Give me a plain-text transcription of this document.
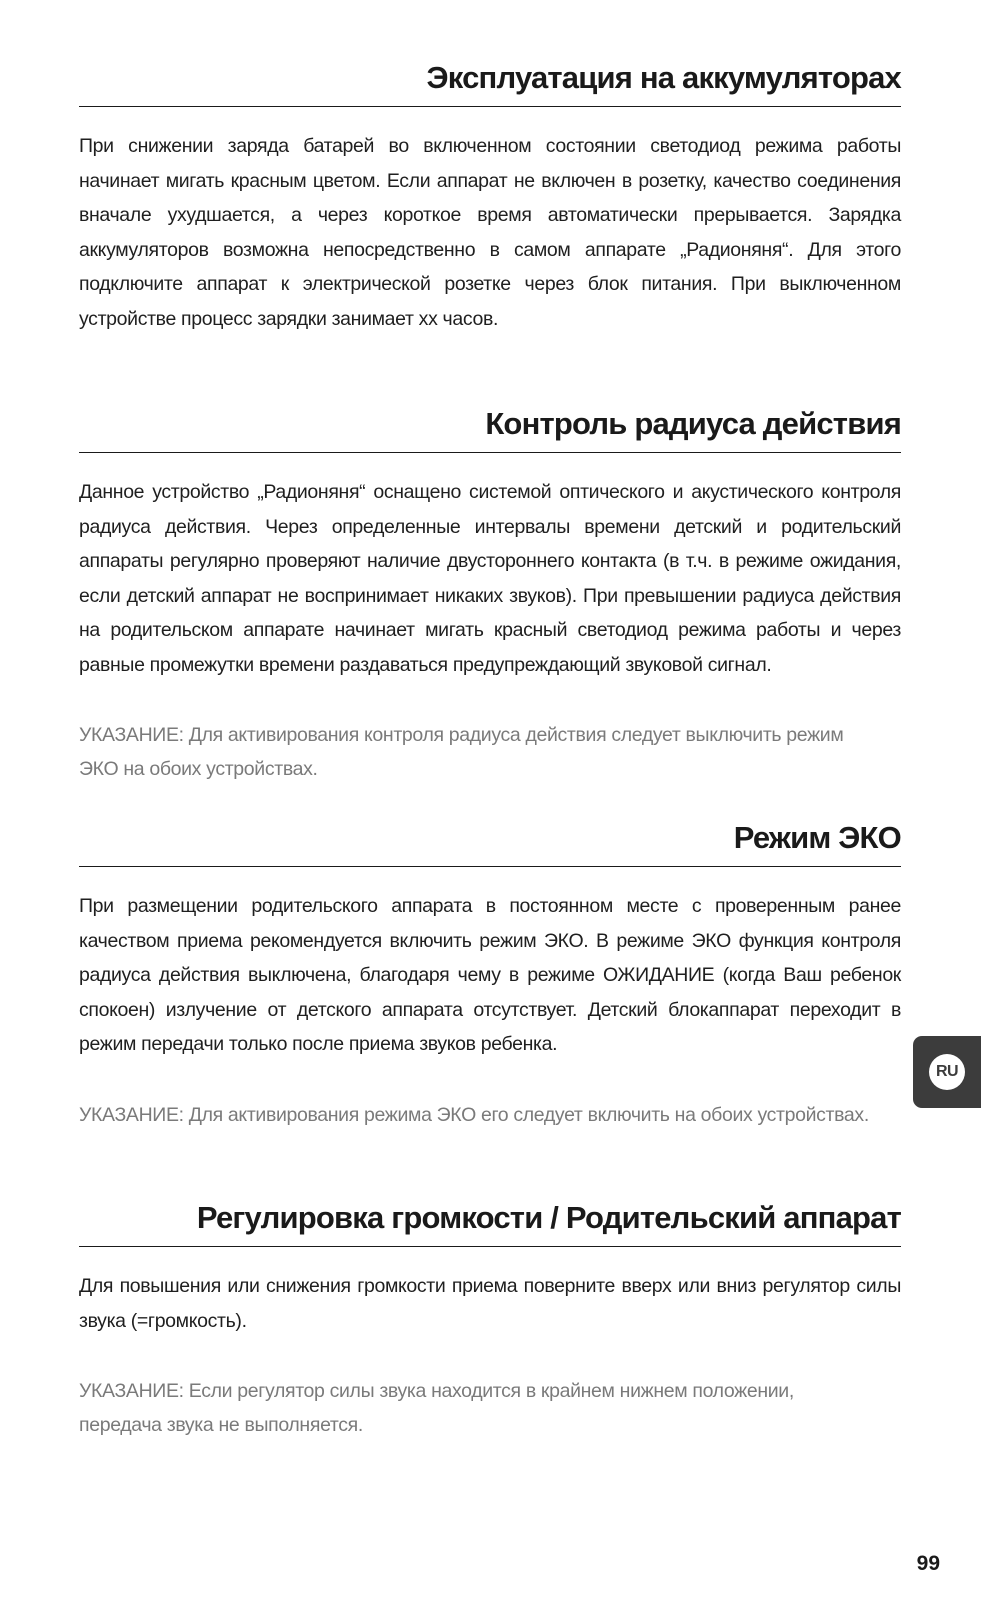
Эксплуатация на аккумуляторах

При снижении заряда батарей во включенном состоянии светодиод режима работы начинает мигать красным цветом. Если аппарат не включен в розетку, качество соединения вначале ухудшается, а через короткое время автоматически прерывается. Зарядка аккумуляторов возможна непосредственно в самом аппарате „Радионяня“. Для этого подключите аппарат к электрической розетке через блок питания. При выключенном устройстве процесс зарядки занимает xx часов.

Контроль радиуса действия

Данное устройство „Радионяня“ оснащено системой оптического и акустического контроля радиуса действия. Через определенные интервалы времени детский и родительский аппараты регулярно проверяют наличие двустороннего контакта (в т.ч. в режиме ожидания, если детский аппарат не воспринимает никаких звуков). При превышении радиуса действия на родительском аппарате начинает мигать красный светодиод режима работы и через равные промежутки времени раздаваться предупреждающий звуковой сигнал.

УКАЗАНИЕ: Для активирования контроля радиуса действия следует выключить режим ЭКО на обоих устройствах.

Режим ЭКО

При размещении родительского аппарата в постоянном месте с проверенным ранее качеством приема рекомендуется включить режим ЭКО. В режиме ЭКО функция контроля радиуса действия выключена, благодаря чему в режиме ОЖИДАНИЕ (когда Ваш ребенок спокоен) излучение от детского аппарата отсутствует. Детский блокаппарат переходит в режим передачи только после приема звуков ребенка.

УКАЗАНИЕ: Для активирования режима ЭКО его следует включить на обоих устройствах.

Регулировка громкости / Родительский аппарат

Для повышения или снижения громкости приема поверните вверх или вниз регулятор силы звука (=громкость).

УКАЗАНИЕ: Если регулятор силы звука находится в крайнем нижнем положении, передача звука не выполняется.

RU
99
